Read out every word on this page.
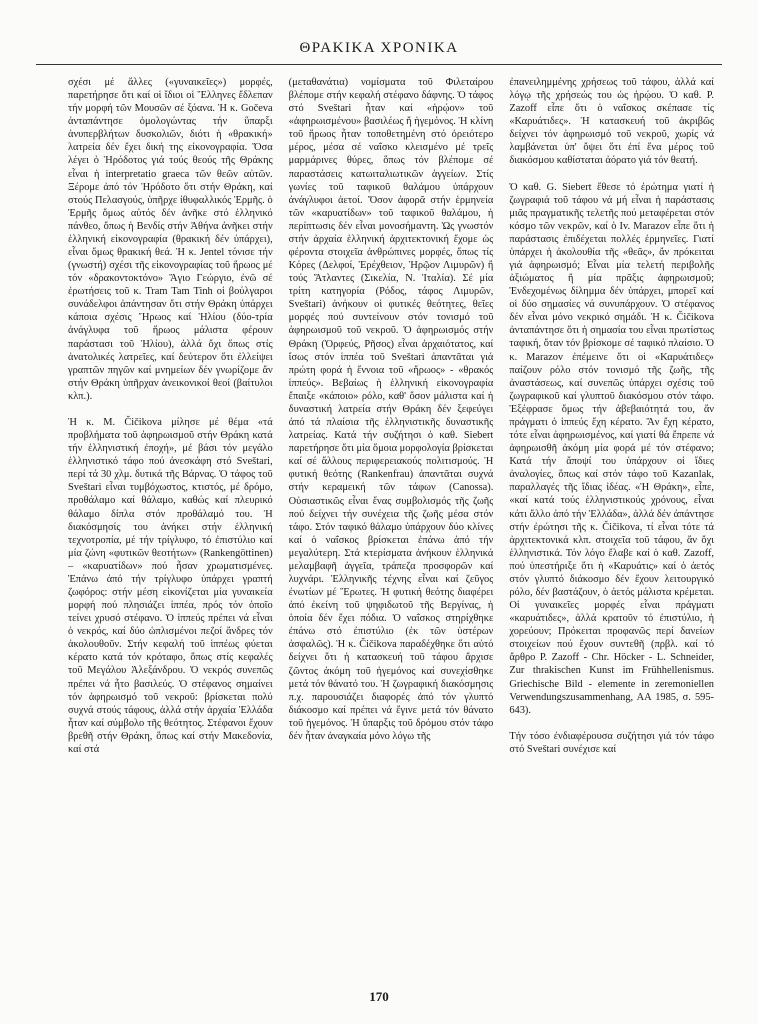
ΘΡΑΚΙΚΑ ΧΡΟΝΙΚΑ

σχέσι μέ ἄλλες («γυναικεῖες») μορφές, παρετήρησε ὅτι καί οἱ ἴδιοι οἱ Ἕλληνες ἔδλεπαν τήν μορφή τῶν Μουσῶν σέ ξόανα. Ἡ κ. Gočeva ἀνταπάντησε ὁμολογώντας τήν ὕπαρξι ἀνυπερβλήτων δυσκολιῶν, διότι ἡ «θρακική» λατρεία δέν ἔχει δική της εἰκονογραφία. Ὅσα λέγει ὁ Ἡρόδοτος γιά τούς θεούς τῆς Θράκης εἶναι ἡ interpretatio graeca τῶν θεῶν αὐτῶν. Ξέρομε ἀπό τόν Ἡρόδοτο ὅτι στήν Θράκη, καί στούς Πελασγούς, ὑπῆρχε ἰθυφαλλικός Ἑρμῆς. ὁ Ἑρμῆς ὅμως αὐτός δέν ἀνῆκε στό ἑλληνικό πάνθεο, ὅπως ἡ Βενδίς στήν Ἀθήνα ἀνῆκει στήν ἑλληνική εἰκονογραφία (θρακική δέν ὑπάρχει), εἶναι ὅμως θρακική θεά. Ἡ κ. Jentel τόνισε τήν (γνωστή) σχέσι τῆς εἰκονογραφίας τοῦ ἥρωος μέ τόν «δρακοντοκτόνο» Ἅγιο Γεώργιο, ἐνῶ σέ ἐρωτήσεις τοῦ κ. Tram Tam Tinh οἱ βούλγαροι συνάδελφοι ἀπάντησαν ὅτι στήν Θράκη ὑπάρχει κάποια σχέσις Ἥρωος καί Ἡλίου (δύο-τρία ἀνάγλυφα τοῦ ἥρωος μάλιστα φέρουν παράστασι τοῦ Ἡλίου), ἀλλά ὄχι ὅπως στίς ἀνατολικές λατρεῖες, καί δεύτερον ὅτι ἐλλείψει γραπτῶν πηγῶν καί μνημείων δέν γνωρίζομε ἄν στήν Θράκη ὑπῆρχαν ἀνεικονικοί θεοί (βαίτυλοι κλπ.).

Ἡ κ. M. Čičikova μίλησε μέ θέμα «τά προβλήματα τοῦ ἀφηρωισμοῦ στήν Θράκη κατά τήν ἑλληνιστική ἐποχή», μέ βάσι τόν μεγάλο ἑλληνιστικό τάφο πού ἀνεσκάφη στό Sveštari, περί τά 30 χλμ. δυτικά τῆς Βάρνας. Ὁ τάφος τοῦ Sveštari εἶναι τυμβόχωστος, κτιστός, μέ δρόμο, προθάλαμο καί θάλαμο, καθώς καί πλευρικό θάλαμο δίπλα στόν προθάλαμό του. Ἡ διακόσμησίς του ἀνήκει στήν ἑλληνική τεχνοτροπία, μέ τήν τρίγλυφο, τό ἐπιστύλιο καί μία ζώνη «φυτικῶν θεοτήτων» (Rankengöttinen) – «καρυατίδων» πού ἦσαν χρωματισμένες. Ἐπάνω ἀπό τήν τρίγλυφο ὑπάρχει γραπτή ζωφόρος: στήν μέση εἰκονίζεται μία γυναικεία μορφή πού πλησιάζει ἱππέα, πρός τόν ὁποῖο τείνει χρυσό στέφανο. Ὁ ἱππεύς πρέπει νά εἶναι ὁ νεκρός, καί δύο ὡπλισμένοι πεζοί ἄνδρες τόν ἀκολουθοῦν. Στήν κεφαλή τοῦ ἱππέως φύεται κέρατο κατά τόν κρόταφο, ὅπως στίς κεφαλές τοῦ Μεγάλου Ἀλεξάνδρου. Ὁ νεκρός συνεπῶς πρέπει νά ἦτο βασιλεύς. Ὁ στέφανος σημαίνει τόν ἀφηρωισμό τοῦ νεκροῦ: βρίσκεται πολύ συχνά στούς τάφους, ἀλλά στήν ἀρχαία Ἑλλάδα ἦταν καί σύμβολο τῆς θεότητος. Στέφανοι ἔχουν βρεθῆ στήν Θράκη, ὅπως καί στήν Μακεδονία, καί στά

(μεταθανάτια) νομίσματα τοῦ Φιλεταίρου βλέπομε στήν κεφαλή στέφανο δάφνης. Ὁ τάφος στό Sveštari ἦταν καί «ἡρῴον» τοῦ «ἀφηρωισμένου» βασιλέως ἤ ἡγεμόνος. Ἡ κλίνη τοῦ ἥρωος ἦταν τοποθετημένη στό ὀρειότερο μέρος, μέσα σέ ναΐσκο κλεισμένο μέ τρεῖς μαρμάρινες θύρες, ὅπως τόν βλέπομε σέ παραστάσεις κατωιταλιωτικῶν ἀγγείων. Στίς γωνίες τοῦ ταφικοῦ θαλάμου ὑπάρχουν ἀνάγλυφοι ἀετοί. Ὅσον ἀφορᾶ στήν ἑρμηνεία τῶν «καρυατίδων» τοῦ ταφικοῦ θαλάμου, ἡ περίπτωσις δέν εἶναι μονοσήμαντη. Ὡς γνωστόν στήν ἀρχαία ἑλληνική ἀρχιτεκτονική ἔχομε ὡς φέροντα στοιχεῖα ἀνθρώπινες μορφές, ὅπως τίς Κόρες (Δελφοί, Ἐρέχθειον, Ἡρῷον Λιμυρῶν) ἤ τούς Ἄτλαντες (Σικελία, Ν. Ἰταλία). Σέ μία τρίτη κατηγορία (Ρόδος, τάφος Λιμυρῶν, Sveštari) ἀνήκουν οἱ φυτικές θεότητες, θεῖες μορφές πού συντείνουν στόν τονισμό τοῦ ἀφηρωισμοῦ τοῦ νεκροῦ. Ὁ ἀφηρωισμός στήν Θράκη (Ὀρφεύς, Ρῆσος) εἶναι ἀρχαιότατος, καί ἴσως στόν ἱππέα τοῦ Sveštari ἀπαντᾶται γιά πρώτη φορά ἡ ἔννοια τοῦ «ἥρωος» - «θρακός ἱππεύς». Βεβαίως ἡ ἑλληνική εἰκονογραφία ἔπαιξε «κάποιο» ρόλο, καθ' ὅσον μάλιστα καί ἡ δυναστική λατρεία στήν Θράκη δέν ξεφεύγει ἀπό τά πλαίσια τῆς ἑλληνιστικῆς δυναστικῆς λατρείας. Κατά τήν συζήτησι ὁ καθ. Siebert παρετήρησε ὅτι μία ὅμοια μορφολογία βρίσκεται καί σέ ἄλλους περιφερειακούς πολιτισμούς. Ἡ φυτική θεότης (Rankenfrau) ἀπαντᾶται συχνά στήν κεραμεική τῶν τάφων (Canossa). Οὐσιαστικῶς εἶναι ἕνας συμβολισμός τῆς ζωῆς πού δείχνει τήν συνέχεια τῆς ζωῆς μέσα στόν τάφο. Στόν ταφικό θάλαμο ὑπάρχουν δύο κλίνες καί ὁ ναΐσκος βρίσκεται ἐπάνω ἀπό τήν μεγαλύτερη. Στά κτερίσματα ἀνήκουν ἑλληνικά μελαμβαφῆ ἀγγεῖα, τράπεζα προσφορῶν καί λυχνάρι. Ἑλληνικῆς τέχνης εἶναι καί ζεῦγος ἐνωτίων μέ Ἔρωτες. Ἡ φυτική θεότης διαφέρει ἀπό ἐκείνη τοῦ ψηφιδωτοῦ τῆς Βεργίνας, ἡ ὁποία δέν ἔχει πόδια. Ὁ ναΐσκος στηρίχθηκε ἐπάνω στό ἐπιστύλιο (ἐκ τῶν ὑστέρων ἀσφαλῶς). Ἡ κ. Čičikova παραδέχθηκε ὅτι αὐτό δείχνει ὅτι ἡ κατασκευή τοῦ τάφου ἄρχισε ζῶντος ἀκόμη τοῦ ἡγεμόνος καί συνεχίσθηκε μετά τόν θάνατό του. Ἡ ζωγραφική διακόσμησις π.χ. παρουσιάζει διαφορές ἀπό τόν γλυπτό διάκοσμο καί πρέπει νά ἔγινε μετά τόν θάνατο τοῦ ἡγεμόνος. Ἡ ὕπαρξις τοῦ δρόμου στόν τάφο δέν ἦταν ἀναγκαία μόνο λόγω τῆς

ἐπανειλημμένης χρήσεως τοῦ τάφου, ἀλλά καί λόγῳ τῆς χρήσεώς του ὡς ἡρῴου. Ὁ καθ. P. Zazoff εἶπε ὅτι ὁ ναΐσκος σκέπασε τίς «Καρυάτιδες». Ἡ κατασκευή τοῦ ἀκριβῶς δείχνει τόν ἀφηρωισμό τοῦ νεκροῦ, χωρίς νά λαμβάνεται ὑπ' ὄψει ὅτι ἐπί ἕνα μέρος τοῦ διακόσμου καθίσταται ἀόρατο γιά τόν θεατή.

Ὁ καθ. G. Siebert ἔθεσε τό ἐρώτημα γιατί ἡ ζωγραφιά τοῦ τάφου νά μή εἶναι ἡ παράστασις μιᾶς πραγματικῆς τελετῆς πού μεταφέρεται στόν κόσμο τῶν νεκρῶν, καί ὁ Iv. Marazov εἶπε ὅτι ἡ παράστασις ἐπιδέχεται πολλές ἑρμηνεῖες. Γιατί ὑπάρχει ἡ ἀκολουθία τῆς «θεᾶς», ἄν πρόκειται γιά ἀφηρωισμό; Εἶναι μία τελετή περιβολῆς ἀξιώματος ἤ μία πρᾶξις ἀφηρωισμοῦ; Ἐνδεχομένως δίλημμα δέν ὑπάρχει, μπορεῖ καί οἱ δύο σημασίες νά συνυπάρχουν. Ὁ στέφανος δέν εἶναι μόνο νεκρικό σημάδι. Ἡ κ. Čičikova ἀνταπάντησε ὅτι ἡ σημασία του εἶναι πρωτίστως ταφική, ὅταν τόν βρίσκομε σέ ταφικό πλαίσιο. Ὁ κ. Marazov ἐπέμεινε ὅτι οἱ «Καρυάτιδες» παίζουν ρόλο στόν τονισμό τῆς ζωῆς, τῆς ἀναστάσεως, καί συνεπῶς ὑπάρχει σχέσις τοῦ ζωγραφικοῦ καί γλυπτοῦ διακόσμου στόν τάφο. Ἐξέφρασε ὅμως τήν ἀβεβαιότητά του, ἄν πράγματι ὁ ἱππεύς ἔχη κέρατο. Ἄν ἔχη κέρατο, τότε εἶναι ἀφηρωισμένος, καί γιατί θά ἔπρεπε νά ἀφηρωισθῆ ἀκόμη μία φορά μέ τόν στέφανο; Κατά τήν ἄποψί του ὑπάρχουν οἱ ἴδιες ἀναλογίες, ὅπως καί στόν τάφο τοῦ Kazanlak, παραλλαγές τῆς ἴδιας ἰδέας. «Ἡ Θράκη», εἶπε, «καί κατά τούς ἑλληνιστικούς χρόνους, εἶναι κάτι ἄλλο ἀπό τήν Ἑλλάδα», ἀλλά δέν ἀπάντησε στήν ἐρώτησι τῆς κ. Čičikova, τί εἶναι τότε τά ἀρχιτεκτονικά κλπ. στοιχεῖα τοῦ τάφου, ἄν ὄχι ἑλληνιστικά. Τόν λόγο ἔλαβε καί ὁ καθ. Zazoff, πού ὑπεστήριξε ὅτι ἡ «Καρυάτις» καί ὁ ἀετός στόν γλυπτό διάκοσμο δέν ἔχουν λειτουργικό ρόλο, δέν βαστάζουν, ὁ ἀετός μάλιστα κρέμεται. Οἱ γυναικεῖες μορφές εἶναι πράγματι «καρυάτιδες», ἀλλά κρατοῦν τό ἐπιστύλιο, ἡ χορεύουν; Πρόκειται προφανῶς περί δανείων στοιχείων πού ἔχουν συντεθῆ (πρβλ. καί τό ἄρθρο P. Zazoff - Chr. Höcker - L. Schneider, Zur thrakischen Kunst im Frühhellenismus. Griechische Bild - elemente in zeremoniellen Verwendungszusammenhang, AA 1985, σ. 595-643).

Τήν τόσο ἐνδιαφέρουσα συζήτησι γιά τόν τάφο στό Sveštari συνέχισε καί

170
